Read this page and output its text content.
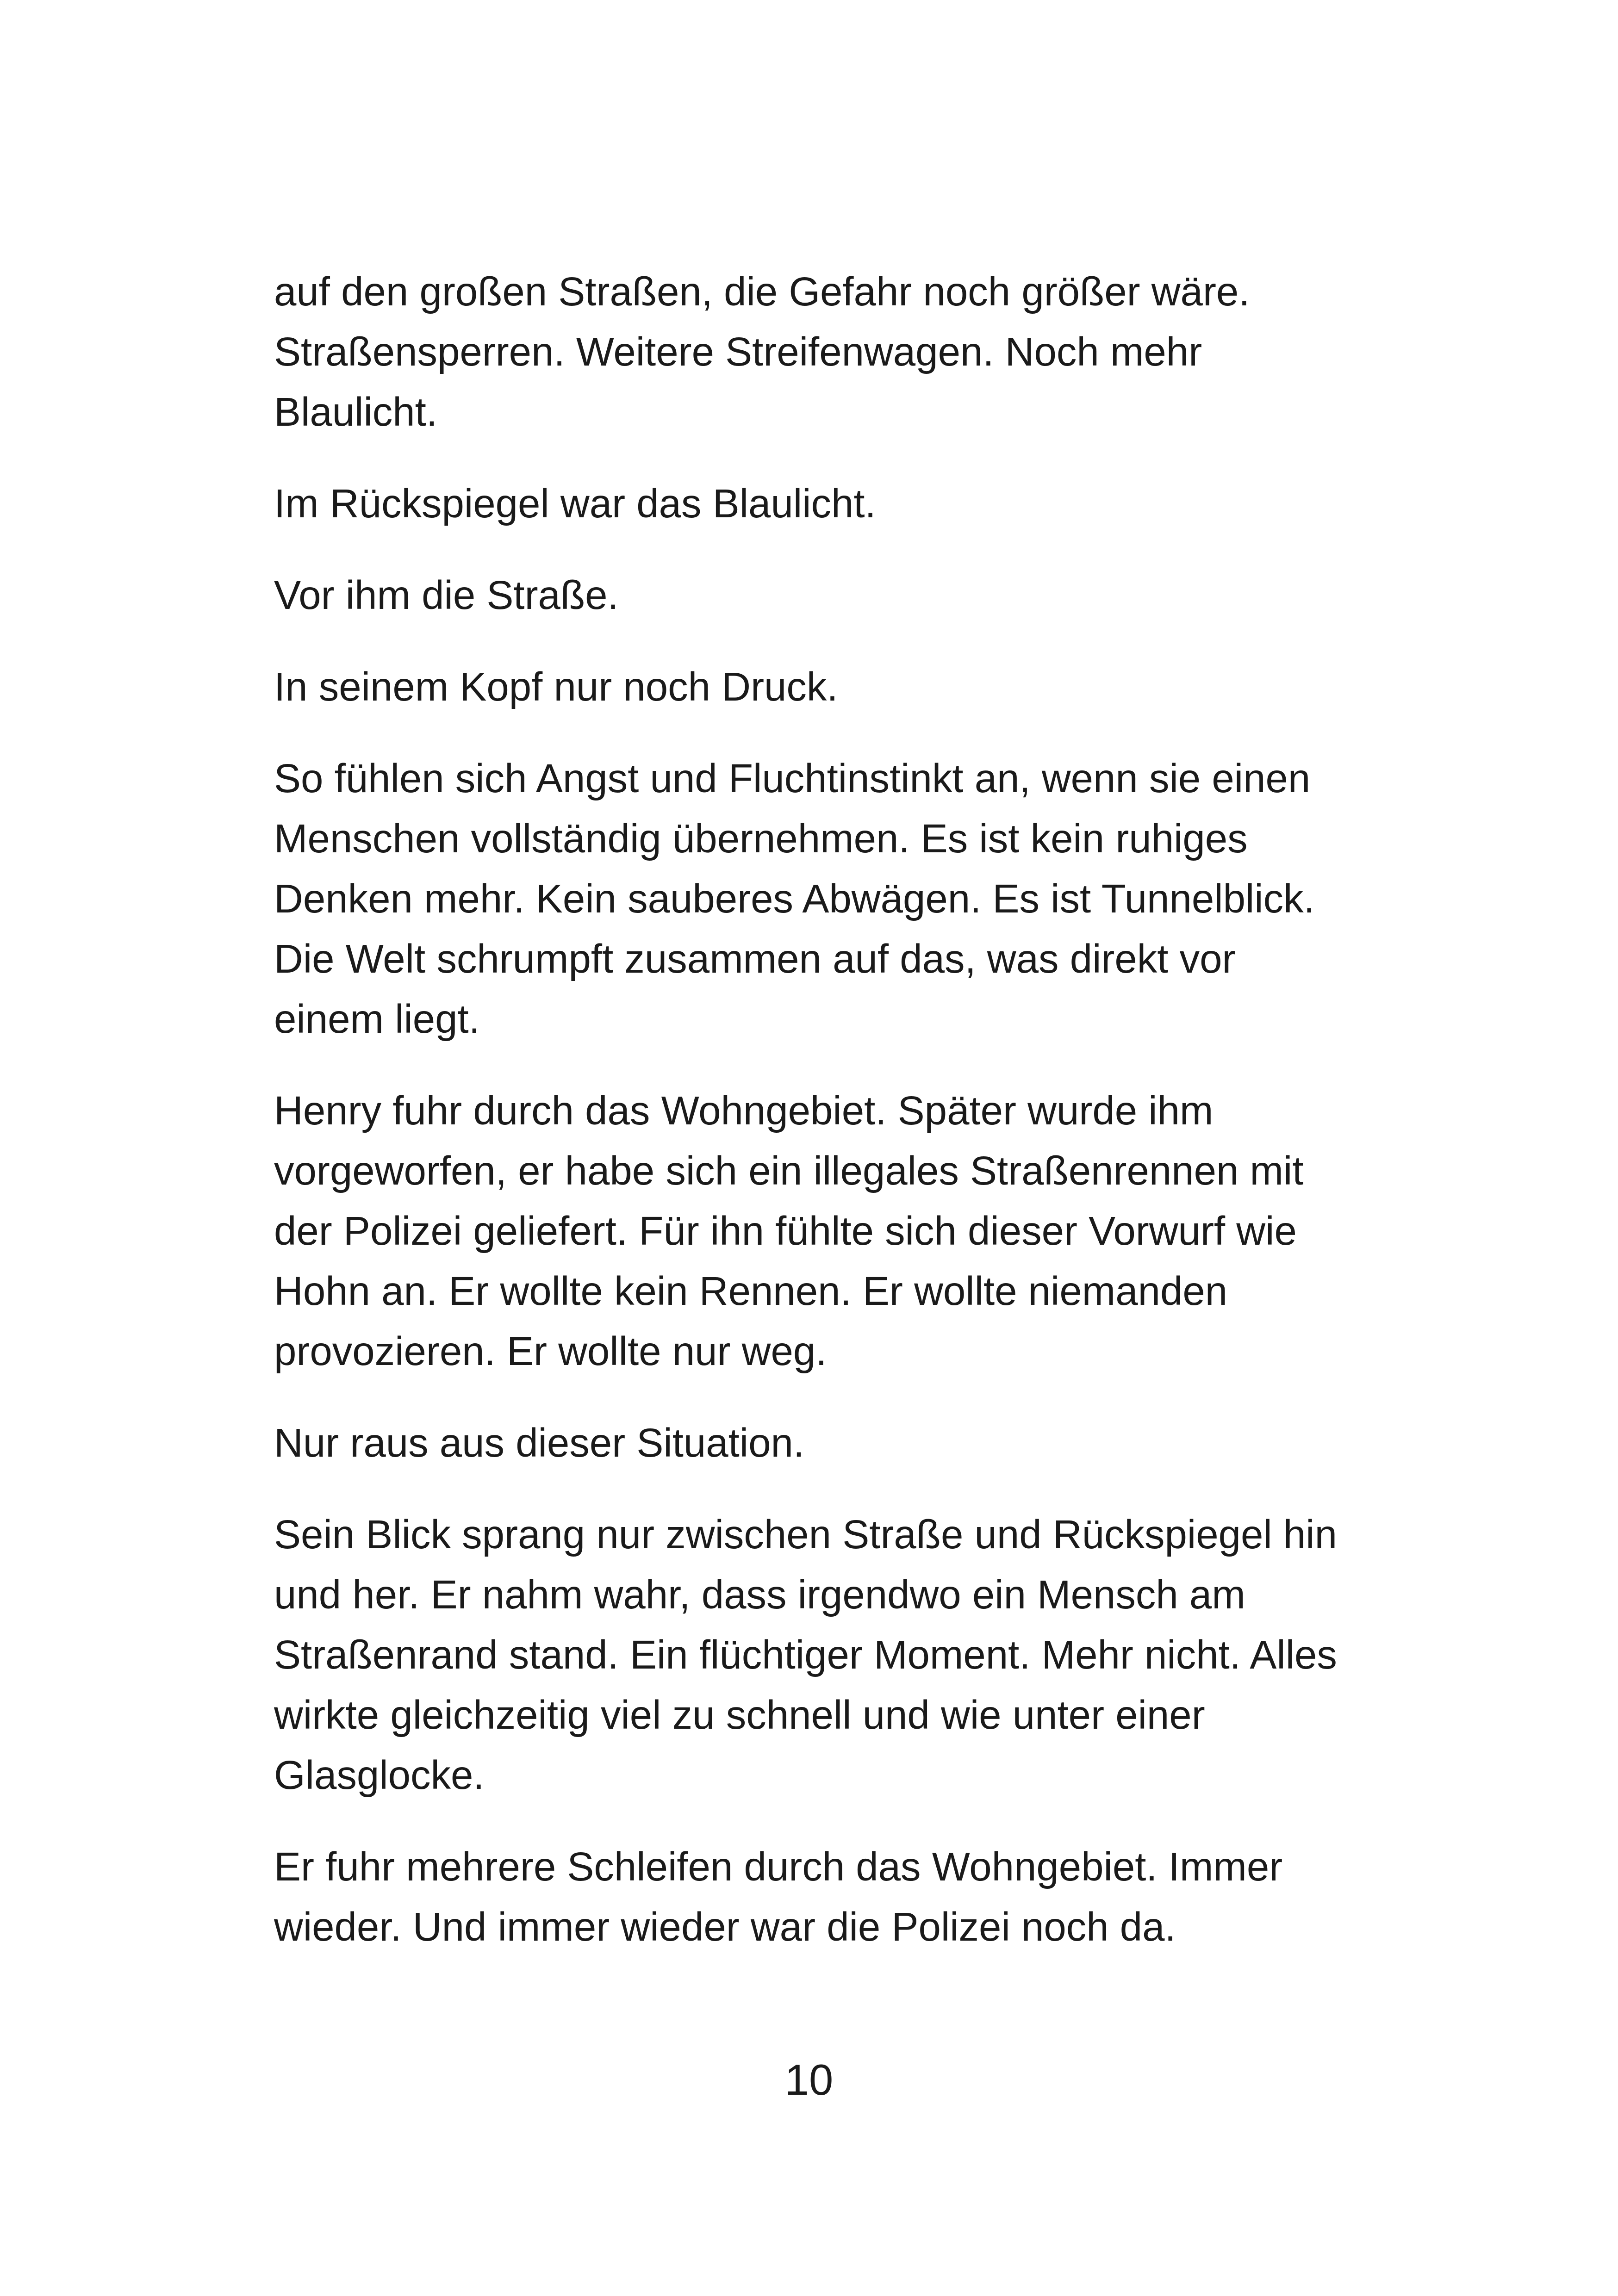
auf den großen Straßen, die Gefahr noch größer wäre. Straßensperren. Weitere Streifenwagen. Noch mehr Blaulicht.

Im Rückspiegel war das Blaulicht.

Vor ihm die Straße.

In seinem Kopf nur noch Druck.

So fühlen sich Angst und Fluchtinstinkt an, wenn sie einen Menschen vollständig übernehmen. Es ist kein ruhiges Denken mehr. Kein sauberes Abwägen. Es ist Tunnelblick. Die Welt schrumpft zusammen auf das, was direkt vor einem liegt.

Henry fuhr durch das Wohngebiet. Später wurde ihm vorgeworfen, er habe sich ein illegales Straßenrennen mit der Polizei geliefert. Für ihn fühlte sich dieser Vorwurf wie Hohn an. Er wollte kein Rennen. Er wollte niemanden provozieren. Er wollte nur weg.

Nur raus aus dieser Situation.

Sein Blick sprang nur zwischen Straße und Rückspiegel hin und her. Er nahm wahr, dass irgendwo ein Mensch am Straßenrand stand. Ein flüchtiger Moment. Mehr nicht. Alles wirkte gleichzeitig viel zu schnell und wie unter einer Glasglocke.

Er fuhr mehrere Schleifen durch das Wohngebiet. Immer wieder. Und immer wieder war die Polizei noch da.

10
